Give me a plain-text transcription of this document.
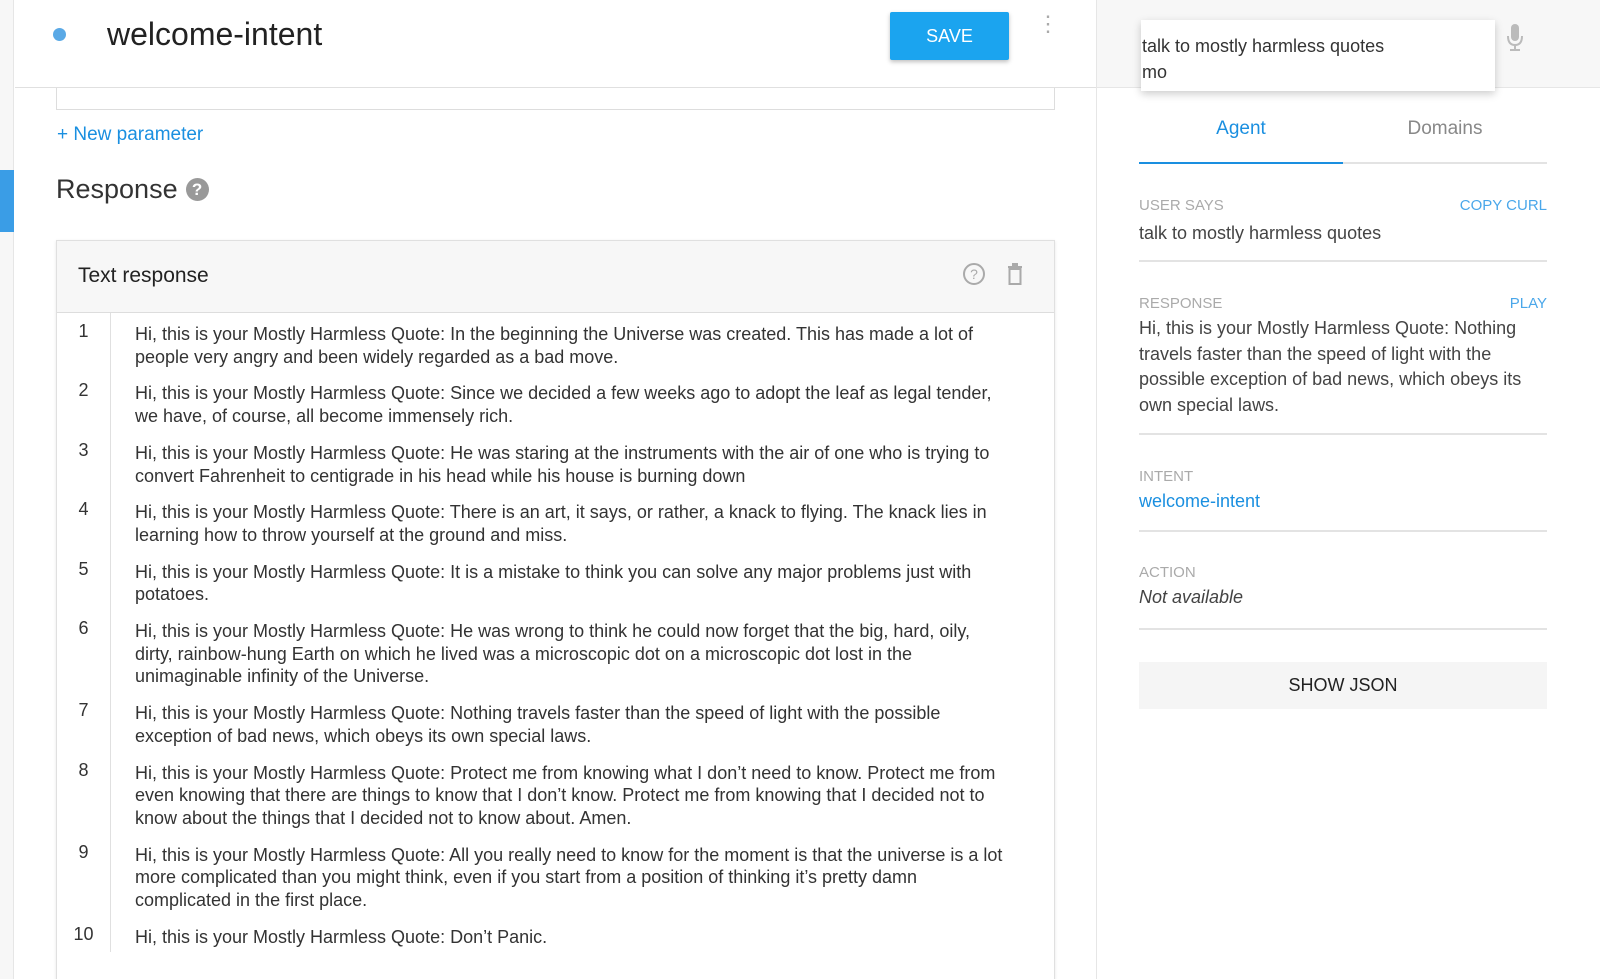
welcome-intent	SAVE	⋮
+ New parameter
Response ?
Text response	?
1	Hi, this is your Mostly Harmless Quote: In the beginning the Universe was created. This has made a lot of people very angry and been widely regarded as a bad move.
2	Hi, this is your Mostly Harmless Quote: Since we decided a few weeks ago to adopt the leaf as legal tender, we have, of course, all become immensely rich.
3	Hi, this is your Mostly Harmless Quote: He was staring at the instruments with the air of one who is trying to convert Fahrenheit to centigrade in his head while his house is burning down
4	Hi, this is your Mostly Harmless Quote: There is an art, it says, or rather, a knack to flying. The knack lies in learning how to throw yourself at the ground and miss.
5	Hi, this is your Mostly Harmless Quote: It is a mistake to think you can solve any major problems just with potatoes.
6	Hi, this is your Mostly Harmless Quote: He was wrong to think he could now forget that the big, hard, oily, dirty, rainbow-hung Earth on which he lived was a microscopic dot on a microscopic dot lost in the unimaginable infinity of the Universe.
7	Hi, this is your Mostly Harmless Quote: Nothing travels faster than the speed of light with the possible exception of bad news, which obeys its own special laws.
8	Hi, this is your Mostly Harmless Quote: Protect me from knowing what I don’t need to know. Protect me from even knowing that there are things to know that I don’t know. Protect me from knowing that I decided not to know about the things that I decided not to know about. Amen.
9	Hi, this is your Mostly Harmless Quote: All you really need to know for the moment is that the universe is a lot more complicated than you might think, even if you start from a position of thinking it’s pretty damn complicated in the first place.
10	Hi, this is your Mostly Harmless Quote: Don’t Panic.
talk to mostly harmless quotes
mo
Agent	Domains
USER SAYS	COPY CURL
talk to mostly harmless quotes
RESPONSE	PLAY
Hi, this is your Mostly Harmless Quote: Nothing travels faster than the speed of light with the possible exception of bad news, which obeys its own special laws.
INTENT
welcome-intent
ACTION
Not available
SHOW JSON
